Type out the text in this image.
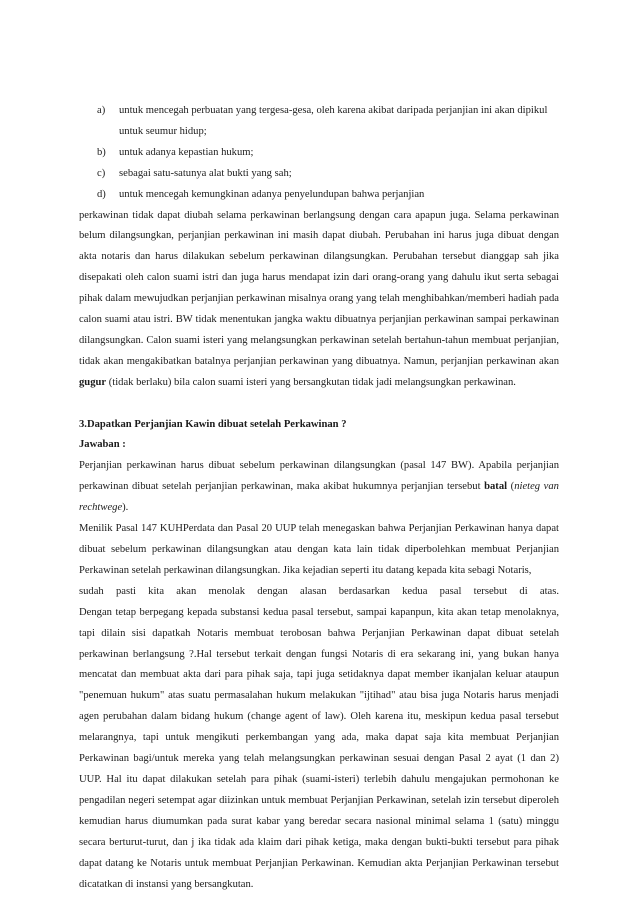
a)	untuk mencegah perbuatan yang tergesa-gesa, oleh karena akibat daripada perjanjian ini akan dipikul
untuk seumur hidup;
b)	untuk adanya kepastian hukum;
c)	sebagai satu-satunya alat bukti yang sah;
d)	untuk mencegah kemungkinan adanya penyelundupan bahwa perjanjian

perkawinan tidak dapat diubah selama perkawinan berlangsung dengan cara apapun juga. Selama perkawinan belum dilangsungkan, perjanjian perkawinan ini masih dapat diubah. Perubahan ini harus juga dibuat dengan akta notaris dan harus dilakukan sebelum perkawinan dilangsungkan. Perubahan tersebut dianggap sah jika disepakati oleh calon suami istri dan juga harus mendapat izin dari orang-orang yang dahulu ikut serta sebagai pihak dalam mewujudkan perjanjian perkawinan misalnya orang yang telah menghibahkan/memberi hadiah pada calon suami atau istri. BW tidak menentukan jangka waktu dibuatnya perjanjian perkawinan sampai perkawinan dilangsungkan. Calon suami isteri yang melangsungkan perkawinan setelah bertahun-tahun membuat perjanjian, tidak akan mengakibatkan batalnya perjanjian perkawinan yang dibuatnya. Namun, perjanjian perkawinan akan gugur (tidak berlaku) bila calon suami isteri yang bersangkutan tidak jadi melangsungkan perkawinan.

3.Dapatkan Perjanjian Kawin dibuat setelah Perkawinan ?

Jawaban :

Perjanjian perkawinan harus dibuat sebelum perkawinan dilangsungkan (pasal 147 BW). Apabila perjanjian perkawinan dibuat setelah perjanjian perkawinan, maka akibat hukumnya perjanjian tersebut batal (nieteg van rechtwege).

Menilik Pasal 147 KUHPerdata dan Pasal 20 UUP telah menegaskan bahwa Perjanjian Perkawinan hanya dapat dibuat sebelum perkawinan dilangsungkan atau dengan kata lain tidak diperbolehkan membuat Perjanjian Perkawinan setelah perkawinan dilangsungkan. Jika kejadian seperti itu datang kepada kita sebagi Notaris,

sudah pasti kita akan menolak dengan alasan berdasarkan kedua pasal tersebut di atas.

Dengan tetap berpegang kepada substansi kedua pasal tersebut, sampai kapanpun, kita akan tetap menolaknya, tapi dilain sisi dapatkah Notaris membuat terobosan bahwa Perjanjian Perkawinan dapat dibuat setelah perkawinan berlangsung ?.Hal tersebut terkait dengan fungsi Notaris di era sekarang ini, yang bukan hanya mencatat dan membuat akta dari para pihak saja, tapi juga setidaknya dapat member ikanjalan keluar ataupun "penemuan hukum" atas suatu permasalahan hukum melakukan "ijtihad" atau bisa juga Notaris harus menjadi agen perubahan dalam bidang hukum (change agent of law). Oleh karena itu, meskipun kedua pasal tersebut melarangnya, tapi untuk mengikuti perkembangan yang ada, maka dapat saja kita membuat Perjanjian Perkawinan bagi/untuk mereka yang telah melangsungkan perkawinan sesuai dengan Pasal 2 ayat (1 dan 2) UUP. Hal itu dapat dilakukan setelah para pihak (suami-isteri) terlebih dahulu mengajukan permohonan ke pengadilan negeri setempat agar diizinkan untuk membuat Perjanjian Perkawinan, setelah izin tersebut diperoleh kemudian harus diumumkan pada surat kabar yang beredar secara nasional minimal selama 1 (satu) minggu secara berturut-turut, dan j ika tidak ada klaim dari pihak ketiga, maka dengan bukti-bukti tersebut para pihak dapat datang ke Notaris untuk membuat Perjanjian Perkawinan. Kemudian akta Perjanjian Perkawinan tersebut dicatatkan di instansi yang bersangkutan.
